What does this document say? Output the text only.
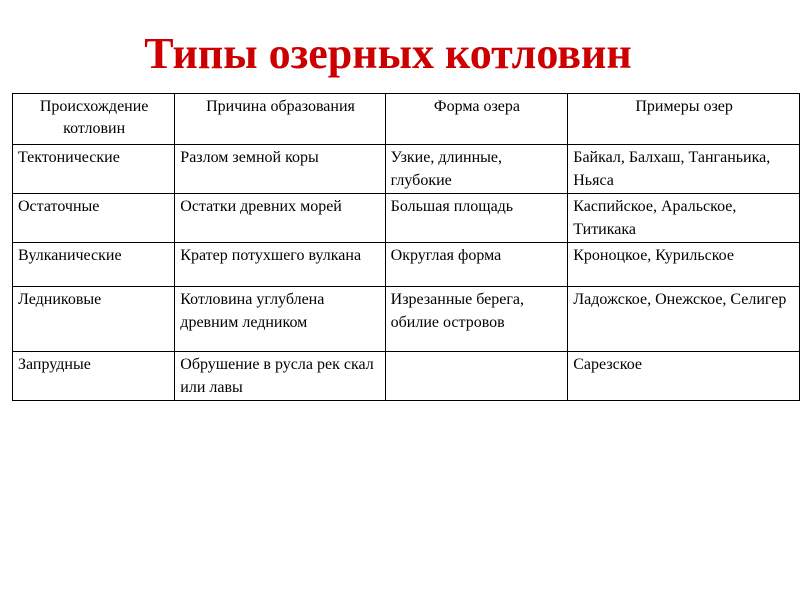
Типы озерных котловин
Происхождение котловин	Причина образования	Форма озера	Примеры озер
Тектонические	Разлом земной коры	Узкие, длинные, глубокие	Байкал, Балхаш, Танганьика, Ньяса
Остаточные	Остатки древних морей	Большая площадь	Каспийское, Аральское, Титикака
Вулканические	Кратер потухшего вулкана	Округлая форма	Кроноцкое, Курильское
Ледниковые	Котловина углублена древним ледником	Изрезанные берега, обилие островов	Ладожское, Онежское, Селигер
Запрудные	Обрушение в русла рек скал или лавы		Сарезское
